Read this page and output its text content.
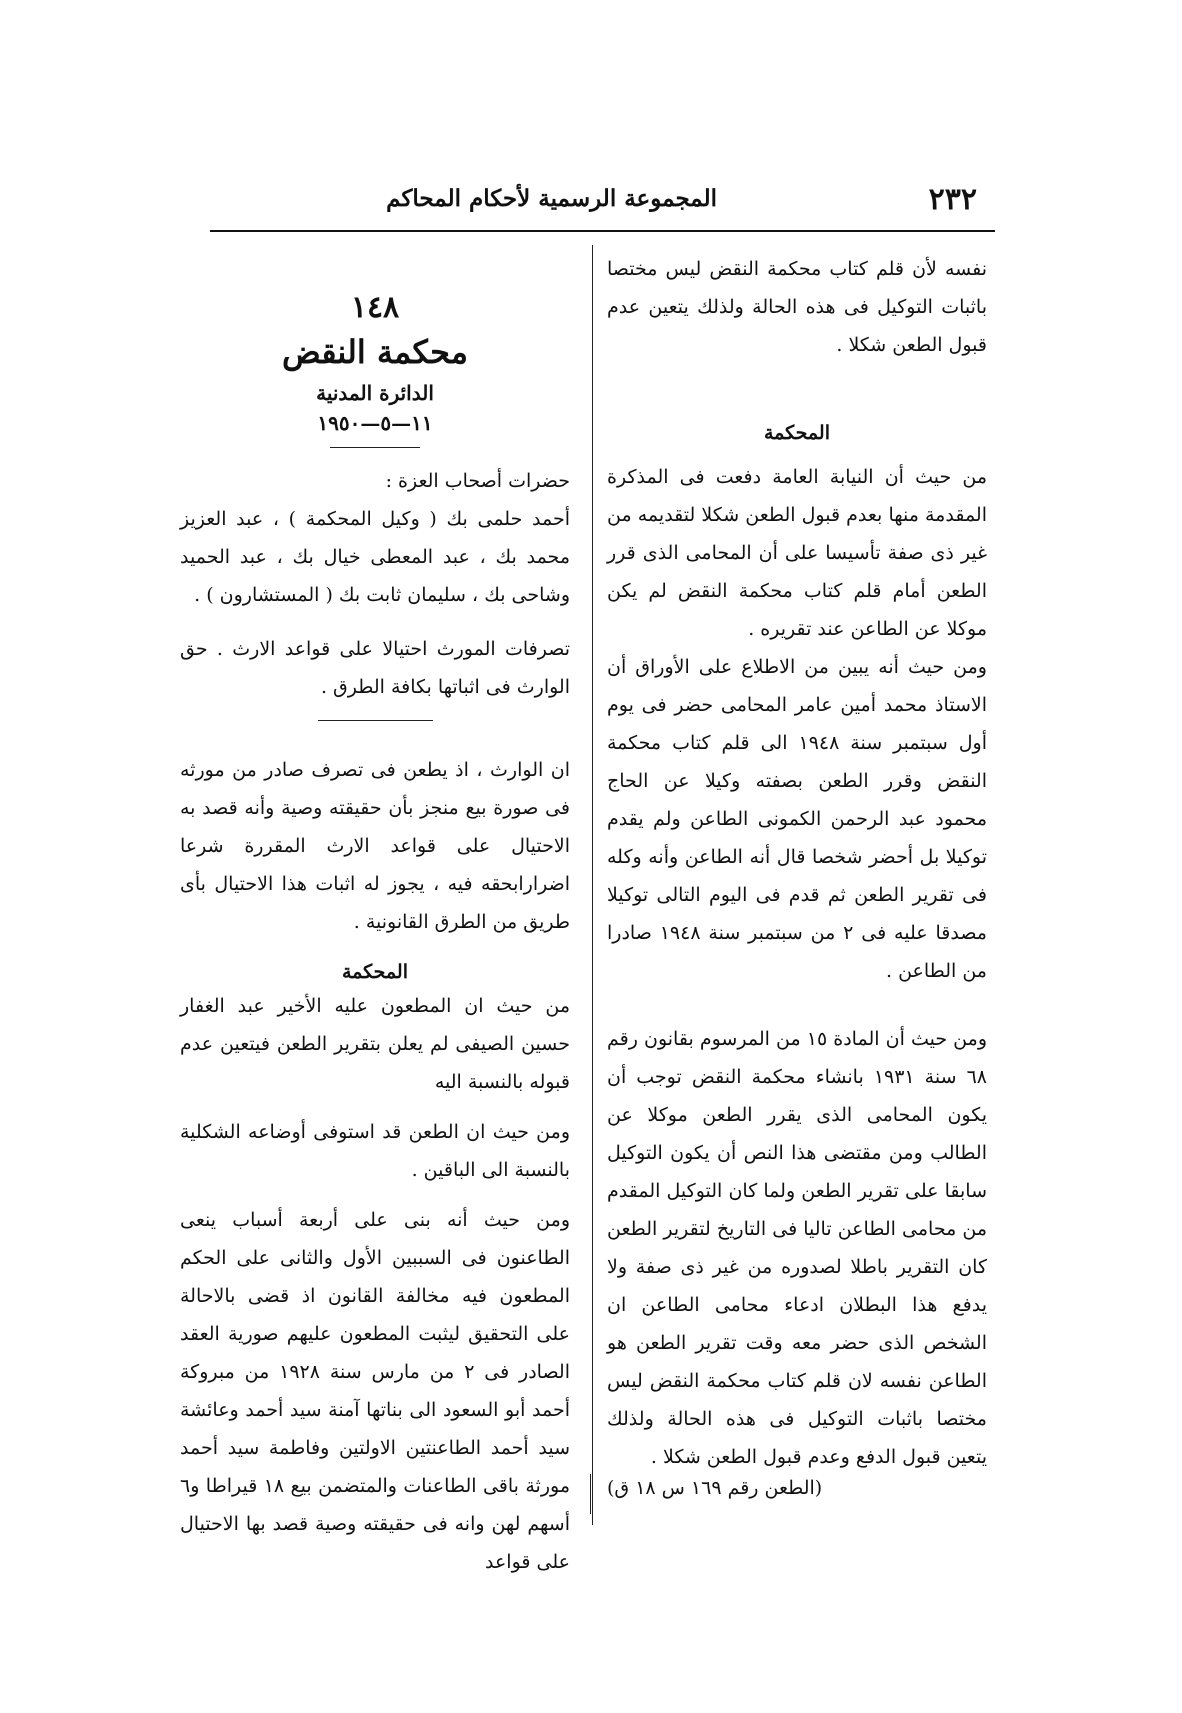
٢٣٢
المجموعة الرسمية لأحكام المحاكم

نفسه لأن قلم كتاب محكمة النقض ليس مختصا باثبات التوكيل فى هذه الحالة ولذلك يتعين عدم قبول الطعن شكلا .

المحكمة

من حيث أن النيابة العامة دفعت فى المذكرة المقدمة منها بعدم قبول الطعن شكلا لتقديمه من غير ذى صفة تأسيسا على أن المحامى الذى قرر الطعن أمام قلم كتاب محكمة النقض لم يكن موكلا عن الطاعن عند تقريره .

ومن حيث أنه يبين من الاطلاع على الأوراق أن الاستاذ محمد أمين عامر المحامى حضر فى يوم أول سبتمبر سنة ١٩٤٨ الى قلم كتاب محكمة النقض وقرر الطعن بصفته وكيلا عن الحاج محمود عبد الرحمن الكمونى الطاعن ولم يقدم توكيلا بل أحضر شخصا قال أنه الطاعن وأنه وكله فى تقرير الطعن ثم قدم فى اليوم التالى توكيلا مصدقا عليه فى ٢ من سبتمبر سنة ١٩٤٨ صادرا من الطاعن .

ومن حيث أن المادة ١٥ من المرسوم بقانون رقم ٦٨ سنة ١٩٣١ بانشاء محكمة النقض توجب أن يكون المحامى الذى يقرر الطعن موكلا عن الطالب ومن مقتضى هذا النص أن يكون التوكيل سابقا على تقرير الطعن ولما كان التوكيل المقدم من محامى الطاعن تاليا فى التاريخ لتقرير الطعن كان التقرير باطلا لصدوره من غير ذى صفة ولا يدفع هذا البطلان ادعاء محامى الطاعن ان الشخص الذى حضر معه وقت تقرير الطعن هو الطاعن نفسه لان قلم كتاب محكمة النقض ليس مختصا باثبات التوكيل فى هذه الحالة ولذلك يتعين قبول الدفع وعدم قبول الطعن شكلا .

(الطعن رقم ١٦٩ س ١٨ ق)
١٤٨
محكمة النقض
الدائرة المدنية
١١—٥—١٩٥٠

حضرات أصحاب العزة :

أحمد حلمى بك ( وكيل المحكمة ) ، عبد العزيز محمد بك ، عبد المعطى خيال بك ، عبد الحميد وشاحى بك ، سليمان ثابت بك ( المستشارون ) .

تصرفات المورث احتيالا على قواعد الارث . حق الوارث فى اثباتها بكافة الطرق .

ان الوارث ، اذ يطعن فى تصرف صادر من مورثه فى صورة بيع منجز بأن حقيقته وصية وأنه قصد به الاحتيال على قواعد الارث المقررة شرعا اضرارابحقه فيه ، يجوز له اثبات هذا الاحتيال بأى طريق من الطرق القانونية .

المحكمة

من حيث ان المطعون عليه الأخير عبد الغفار حسين الصيفى لم يعلن بتقرير الطعن فيتعين عدم قبوله بالنسبة اليه

ومن حيث ان الطعن قد استوفى أوضاعه الشكلية بالنسبة الى الباقين .

ومن حيث أنه بنى على أربعة أسباب ينعى الطاعنون فى السببين الأول والثانى على الحكم المطعون فيه مخالفة القانون اذ قضى بالاحالة على التحقيق ليثبت المطعون عليهم صورية العقد الصادر فى ٢ من مارس سنة ١٩٢٨ من مبروكة أحمد أبو السعود الى بناتها آمنة سيد أحمد وعائشة سيد أحمد الطاعنتين الاولتين وفاطمة سيد أحمد مورثة باقى الطاعنات والمتضمن بيع ١٨ قيراطا و٦ أسهم لهن وانه فى حقيقته وصية قصد بها الاحتيال على قواعد
